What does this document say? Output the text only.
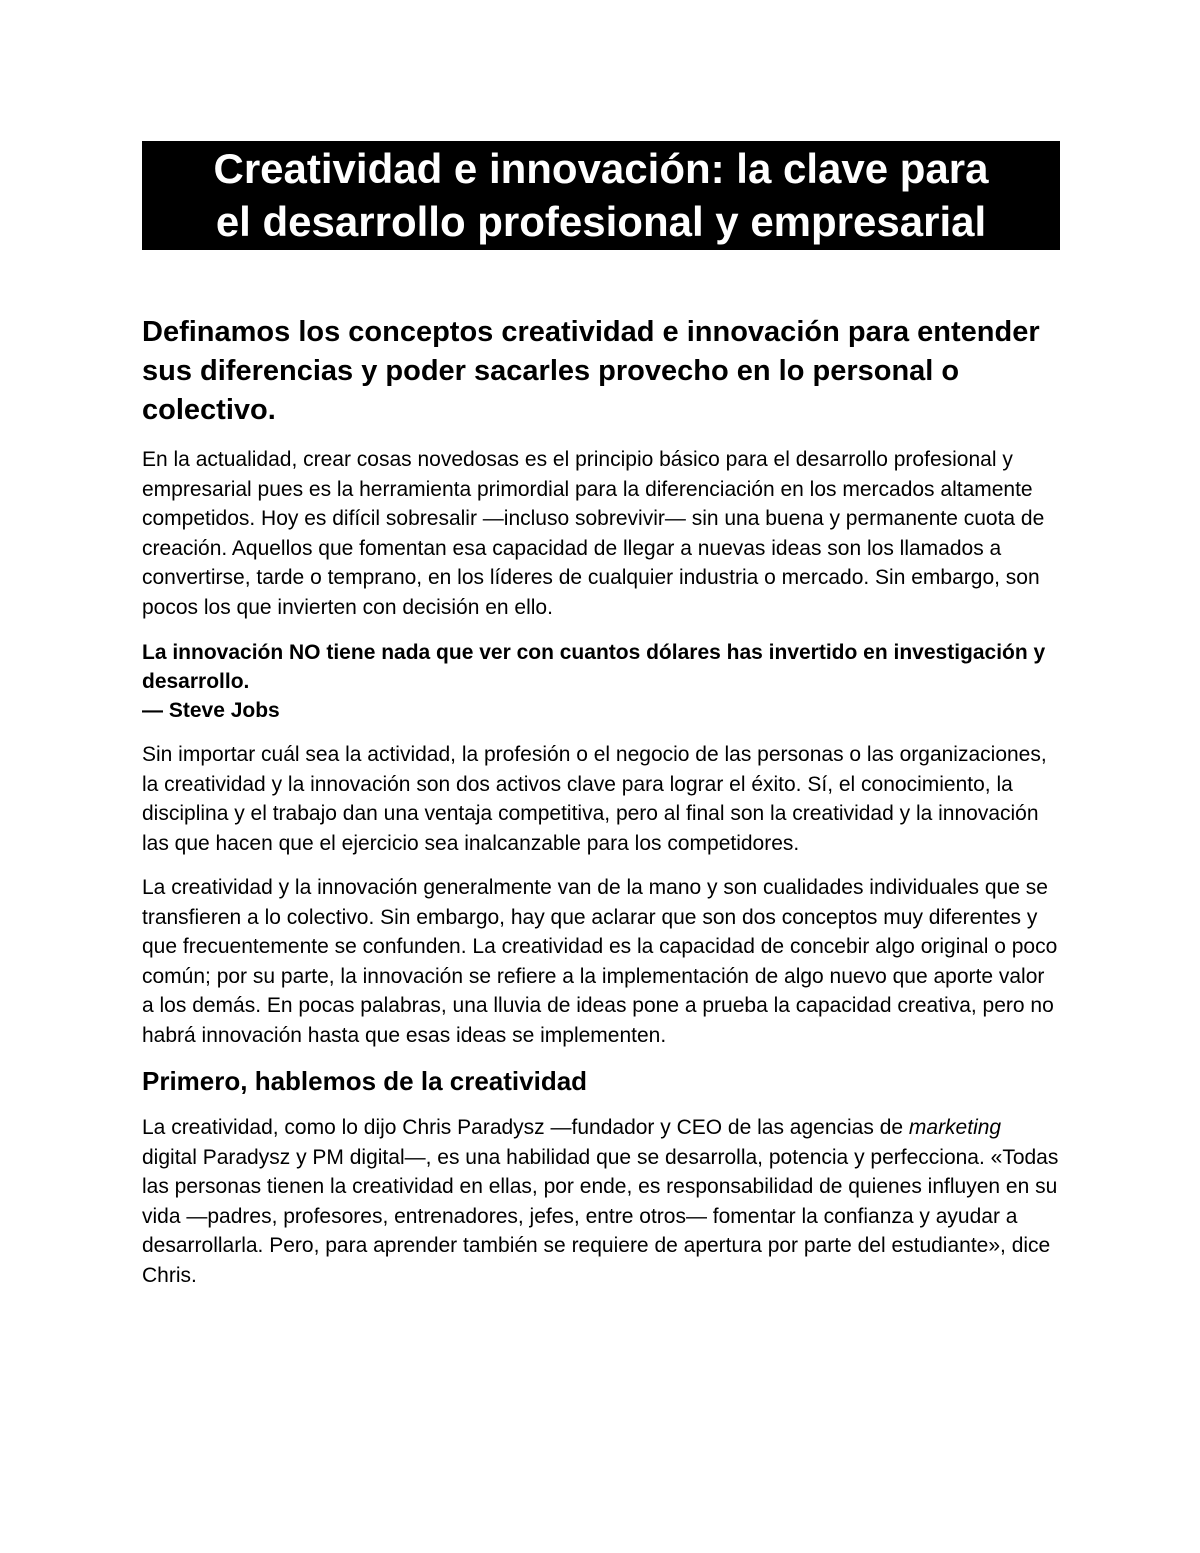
Creatividad e innovación: la clave para
el desarrollo profesional y empresarial
Definamos los conceptos creatividad e innovación para entender sus diferencias y poder sacarles provecho en lo personal o colectivo.

En la actualidad, crear cosas novedosas es el principio básico para el desarrollo profesional y empresarial pues es la herramienta primordial para la diferenciación en los mercados altamente competidos. Hoy es difícil sobresalir —incluso sobrevivir— sin una buena y permanente cuota de creación. Aquellos que fomentan esa capacidad de llegar a nuevas ideas son los llamados a convertirse, tarde o temprano, en los líderes de cualquier industria o mercado. Sin embargo, son pocos los que invierten con decisión en ello.

La innovación NO tiene nada que ver con cuantos dólares has invertido en investigación y desarrollo.
— Steve Jobs

Sin importar cuál sea la actividad, la profesión o el negocio de las personas o las organizaciones, la creatividad y la innovación son dos activos clave para lograr el éxito. Sí, el conocimiento, la disciplina y el trabajo dan una ventaja competitiva, pero al final son la creatividad y la innovación las que hacen que el ejercicio sea inalcanzable para los competidores.

La creatividad y la innovación generalmente van de la mano y son cualidades individuales que se transfieren a lo colectivo. Sin embargo, hay que aclarar que son dos conceptos muy diferentes y que frecuentemente se confunden. La creatividad es la capacidad de concebir algo original o poco común; por su parte, la innovación se refiere a la implementación de algo nuevo que aporte valor a los demás. En pocas palabras, una lluvia de ideas pone a prueba la capacidad creativa, pero no habrá innovación hasta que esas ideas se implementen.

Primero, hablemos de la creatividad

La creatividad, como lo dijo Chris Paradysz —fundador y CEO de las agencias de marketing digital Paradysz y PM digital—, es una habilidad que se desarrolla, potencia y perfecciona. «Todas las personas tienen la creatividad en ellas, por ende, es responsabilidad de quienes influyen en su vida —padres, profesores, entrenadores, jefes, entre otros— fomentar la confianza y ayudar a desarrollarla. Pero, para aprender también se requiere de apertura por parte del estudiante», dice Chris.
